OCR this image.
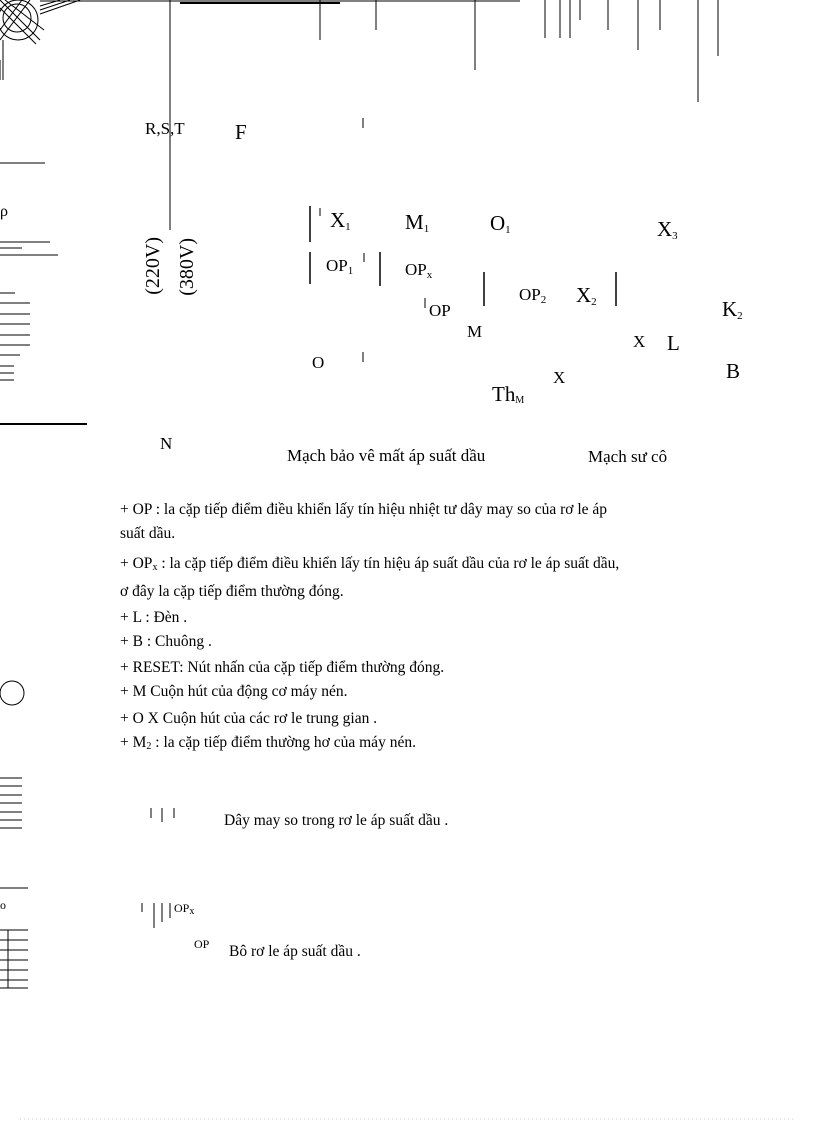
ρ
o
R,S,T F
(220V) (380V)
$X_1$	$M_1$	$O_1$	$X_3$
$OP_1$	$OP_x$
OP
$OP_2$ $X_2$	$K_2$
M
X L
O	B
X
ThM
N
Mạch bảo vê mất áp suất dầu	Mạch sư cô
+ OP : la cặp tiếp điểm điều khiển lấy tín hiệu nhiệt tư dây may so của rơ le áp
suất dầu.
+ OPx : la cặp tiếp điểm điều khiển lấy tín hiệu áp suất dầu của rơ le áp suất dầu,
ơ đây la cặp tiếp điểm thường đóng.
+ L : Đèn .
+ B : Chuông .
+ RESET: Nút nhấn của cặp tiếp điểm thường đóng.
+ M Cuộn hút của động cơ máy nén.
+ O X Cuộn hút của các rơ le trung gian .
+ M2 : la cặp tiếp điểm thường hơ của máy nén.
Dây may so trong rơ le áp suất dầu .
OPx
OP Bô rơ le áp suất dầu .
